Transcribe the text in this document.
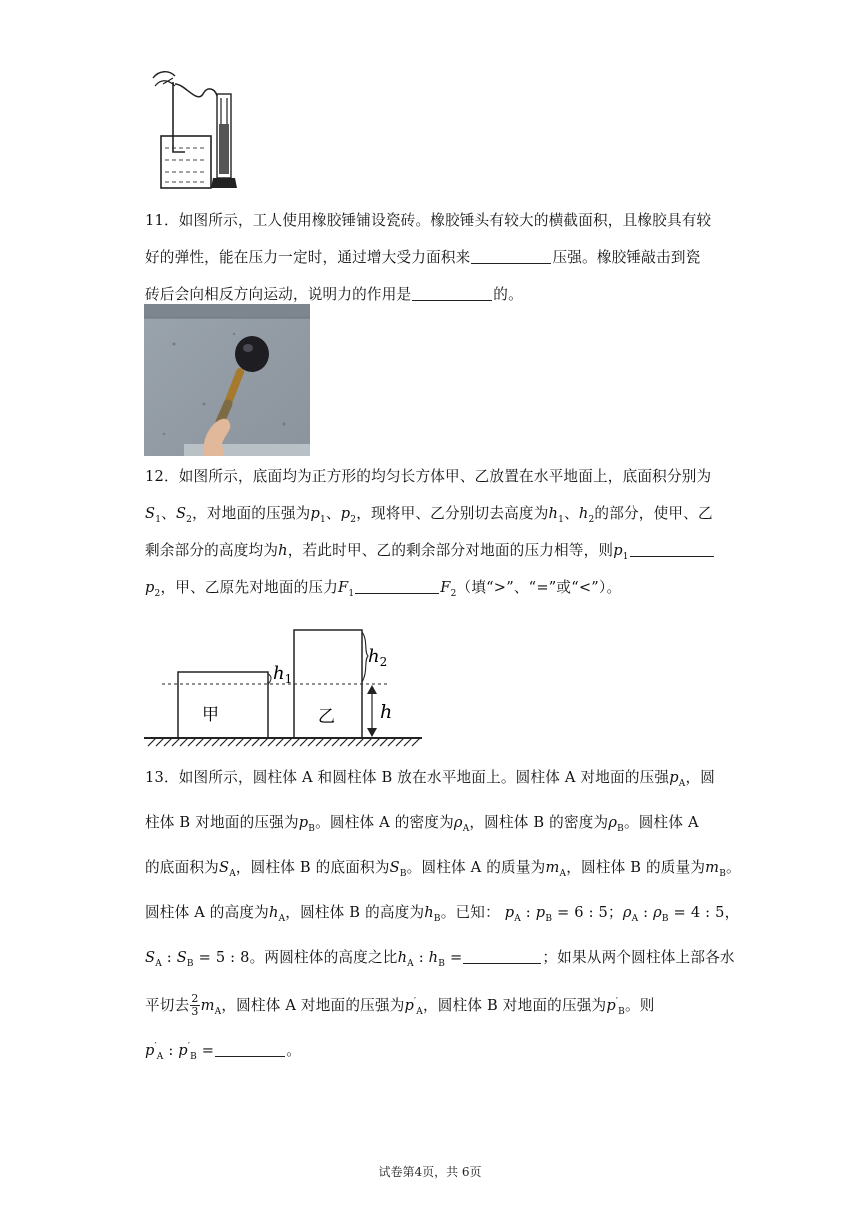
11．如图所示，工人使用橡胶锤铺设瓷砖。橡胶锤头有较大的横截面积，且橡胶具有较
好的弹性，能在压力一定时，通过增大受力面积来	压强。橡胶锤敲击到瓷
砖后会向相反方向运动，说明力的作用是	的。
12．如图所示，底面均为正方形的均匀长方体甲、乙放置在水平地面上，底面积分别为
$S_1$、$S_2$，对地面的压强为$p_1$、$p_2$，现将甲、乙分别切去高度为$h_1$、$h_2$的部分，使甲、乙
剩余部分的高度均为h，若此时甲、乙的剩余部分对地面的压力相等，则$p_1$
$p_2$，甲、乙原先对地面的压力$F_1$	$F_2$（填“>”、“=”或“<”）。
甲	乙
$h_1$
$h_2$
h
13．如图所示，圆柱体 A 和圆柱体 B 放在水平地面上。圆柱体 A 对地面的压强$p_A$，圆
柱体 B 对地面的压强为$p_B$。圆柱体 A 的密度为$\rho_A$，圆柱体 B 的密度为$\rho_B$。圆柱体 A
的底面积为$S_A$，圆柱体 B 的底面积为$S_B$。圆柱体 A 的质量为$m_A$，圆柱体 B 的质量为$m_B$。
圆柱体 A 的高度为$h_A$，圆柱体 B 的高度为$h_B$。已知： $p_A$ : $p_B = 6$ : 5；$\rho_A$ : $\rho_B = 4$ : 5，
$S_A$ : $S_B = 5$ : 8。两圆柱体的高度之比$h_A$ : $h_B$ =	；如果从两个圆柱体上部各水
平切去 $\frac{2}{3} m_A$，圆柱体 A 对地面的压强为$p'_A$，圆柱体 B 对地面的压强为$p'_B$。则
$p'_A$ : $p'_B$ =	。
试卷第4页，共 6页
